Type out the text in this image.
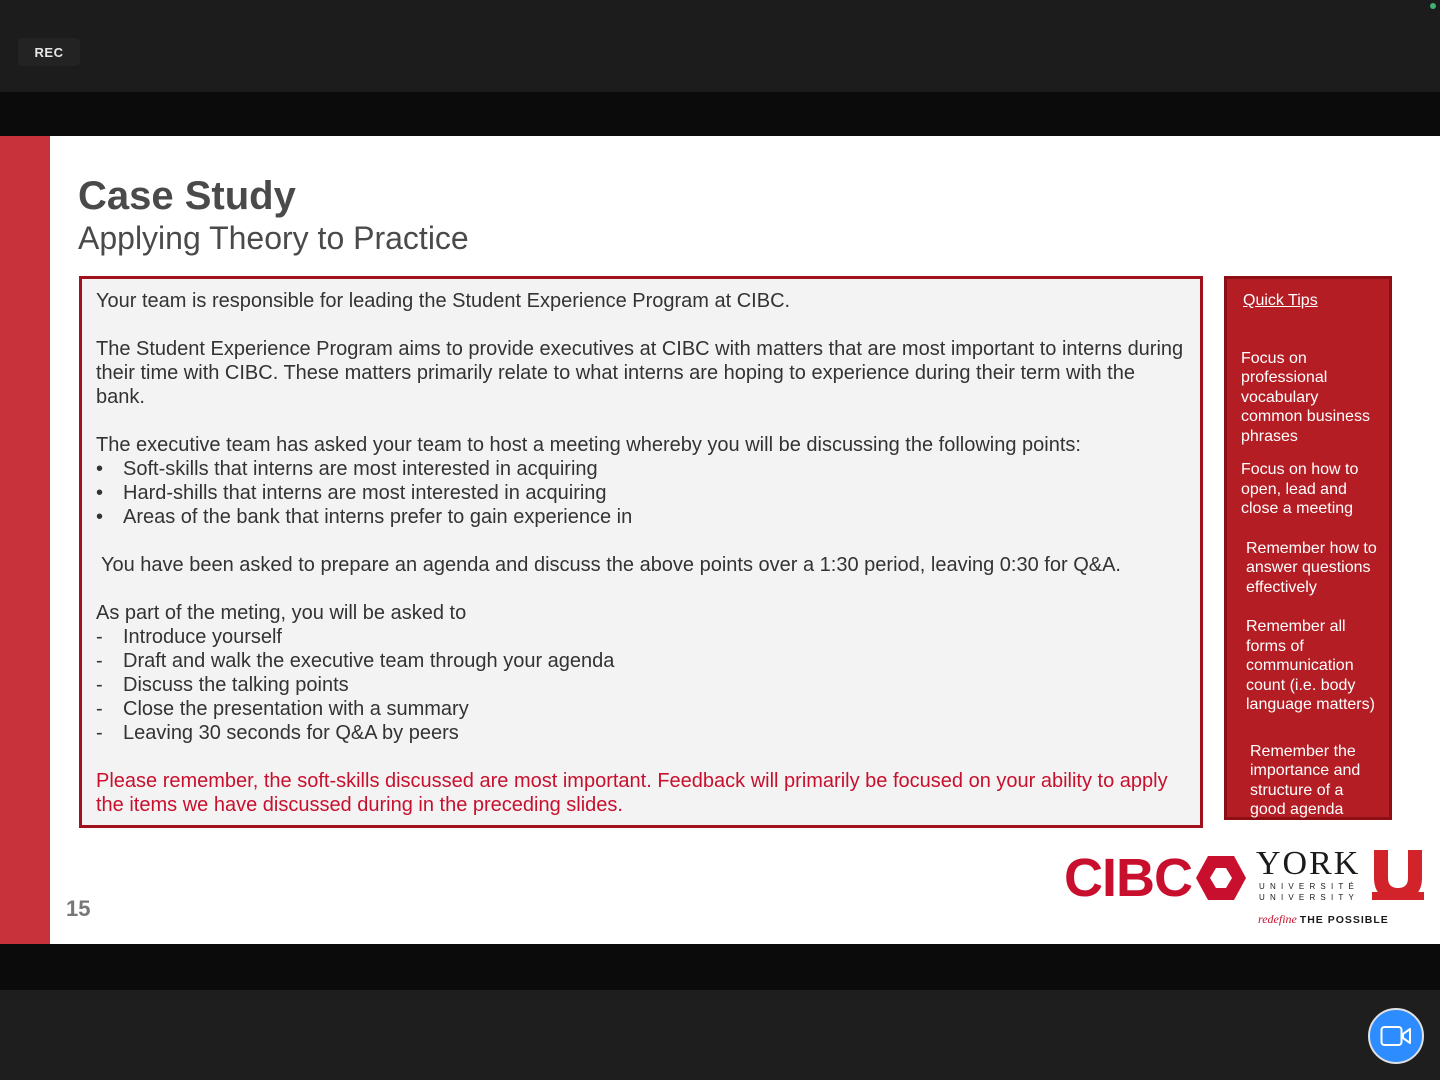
REC
Case Study
Applying Theory to Practice

Your team is responsible for leading the Student Experience Program at CIBC.

The Student Experience Program aims to provide executives at CIBC with matters that are most important to interns during their time with CIBC. These matters primarily relate to what interns are hoping to experience during their term with the bank.

The executive team has asked your team to host a meeting whereby you will be discussing the following points:

• Soft-skills that interns are most interested in acquiring
• Hard-shills that interns are most interested in acquiring
• Areas of the bank that interns prefer to gain experience in

You have been asked to prepare an agenda and discuss the above points over a 1:30 period, leaving 0:30 for Q&A.

As part of the meting, you will be asked to

- Introduce yourself
- Draft and walk the executive team through your agenda
- Discuss the talking points
- Close the presentation with a summary
- Leaving 30 seconds for Q&A by peers

Please remember, the soft-skills discussed are most important. Feedback will primarily be focused on your ability to apply the items we have discussed during in the preceding slides.

Quick Tips
Focus on professional vocabulary common business phrases
Focus on how to open, lead and close a meeting
Remember how to answer questions effectively
Remember all forms of communication count (i.e. body language matters)
Remember the importance and structure of a good agenda
15
CIBC YORK
UNIVERSITÉ
UNIVERSITY
redefine THE POSSIBLE
